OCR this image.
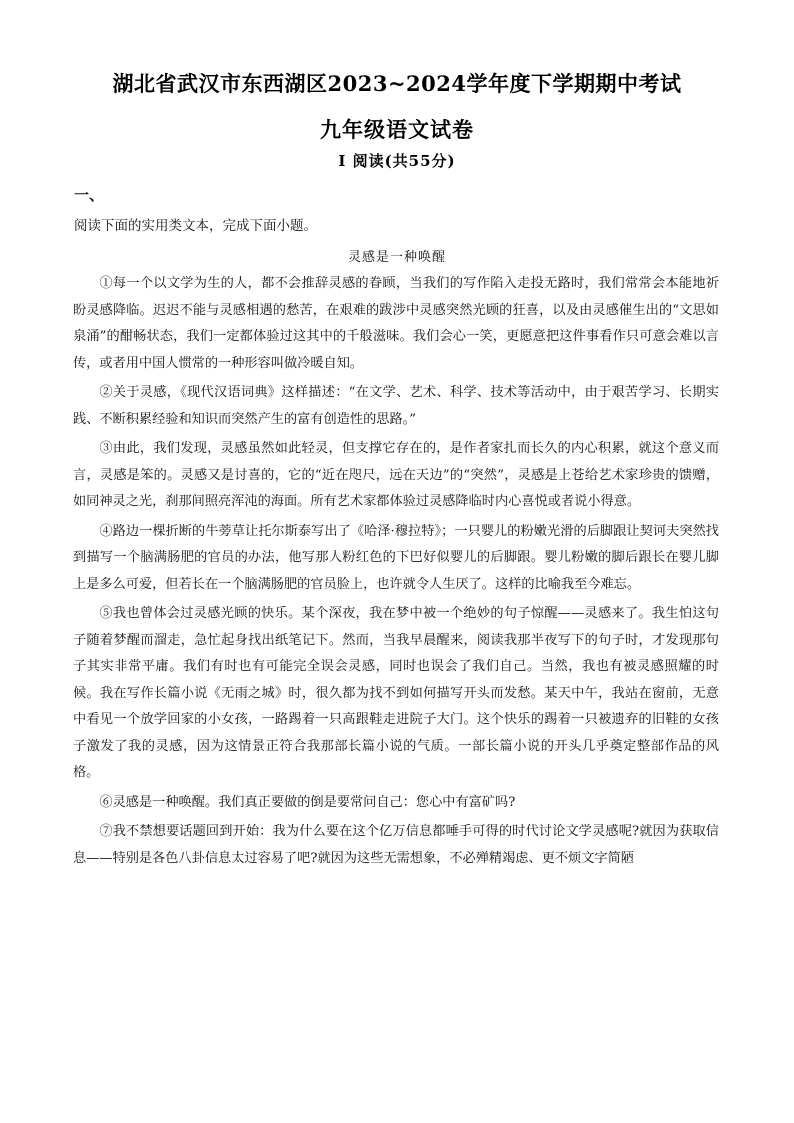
湖北省武汉市东西湖区2023~2024学年度下学期期中考试
九年级语文试卷
Ⅰ 阅读(共55分)
一、
阅读下面的实用类文本，完成下面小题。
灵感是一种唤醒

①每一个以文学为生的人，都不会推辞灵感的眷顾，当我们的写作陷入走投无路时，我们常常会本能地祈盼灵感降临。迟迟不能与灵感相遇的愁苦，在艰难的跋涉中灵感突然光顾的狂喜，以及由灵感催生出的“文思如泉涌”的酣畅状态，我们一定都体验过这其中的千般滋味。我们会心一笑，更愿意把这件事看作只可意会难以言传，或者用中国人惯常的一种形容叫做冷暖自知。

②关于灵感，《现代汉语词典》这样描述：“在文学、艺术、科学、技术等活动中，由于艰苦学习、长期实践、不断积累经验和知识而突然产生的富有创造性的思路。”

③由此，我们发现，灵感虽然如此轻灵，但支撑它存在的，是作者家扎而长久的内心积累，就这个意义而言，灵感是笨的。灵感又是讨喜的，它的“近在咫尺，远在天边”的“突然”，灵感是上苍给艺术家珍贵的馈赠，如同神灵之光，刹那间照亮浑沌的海面。所有艺术家都体验过灵感降临时内心喜悦或者说小得意。

④路边一棵折断的牛蒡草让托尔斯泰写出了《哈泽·穆拉特》；一只婴儿的粉嫩光滑的后脚跟让契诃夫突然找到描写一个脑满肠肥的官员的办法，他写那人粉红色的下巴好似婴儿的后脚跟。婴儿粉嫩的脚后跟长在婴儿脚上是多么可爱，但若长在一个脑满肠肥的官员脸上，也许就令人生厌了。这样的比喻我至今难忘。

⑤我也曾体会过灵感光顾的快乐。某个深夜，我在梦中被一个绝妙的句子惊醒——灵感来了。我生怕这句子随着梦醒而溜走，急忙起身找出纸笔记下。然而，当我早晨醒来，阅读我那半夜写下的句子时，才发现那句子其实非常平庸。我们有时也有可能完全误会灵感，同时也误会了我们自己。当然，我也有被灵感照耀的时候。我在写作长篇小说《无雨之城》时，很久都为找不到如何描写开头而发愁。某天中午，我站在窗前，无意中看见一个放学回家的小女孩，一路踢着一只高跟鞋走进院子大门。这个快乐的踢着一只被遗弃的旧鞋的女孩子激发了我的灵感，因为这情景正符合我那部长篇小说的气质。一部长篇小说的开头几乎奠定整部作品的风格。

⑥灵感是一种唤醒。我们真正要做的倒是要常问自己：您心中有富矿吗?

⑦我不禁想要话题回到开始：我为什么要在这个亿万信息都唾手可得的时代讨论文学灵感呢?就因为获取信息——特别是各色八卦信息太过容易了吧?就因为这些无需想象，不必殚精竭虑、更不烦文字简陋
